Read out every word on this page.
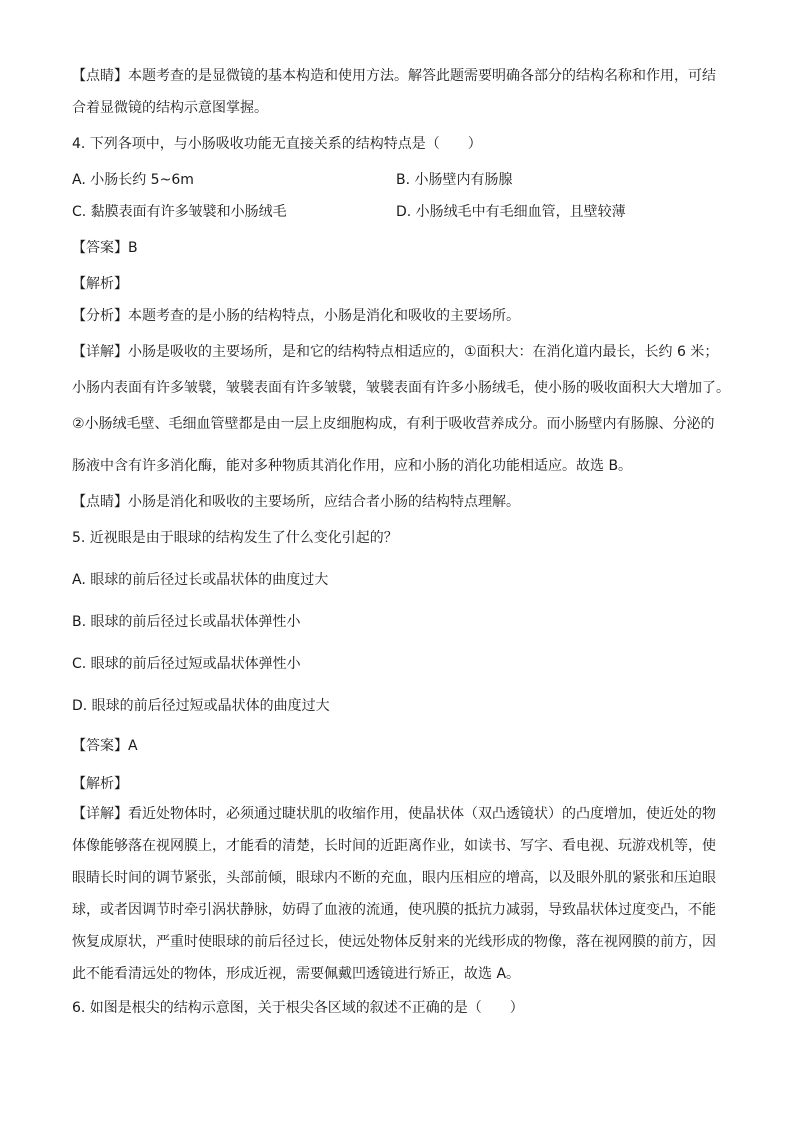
【点睛】本题考查的是显微镜的基本构造和使用方法。解答此题需要明确各部分的结构名称和作用，可结
合着显微镜的结构示意图掌握。
4. 下列各项中，与小肠吸收功能无直接关系的结构特点是（　　）
A. 小肠长约 5~6m	B. 小肠壁内有肠腺
C. 黏膜表面有许多皱襞和小肠绒毛	D. 小肠绒毛中有毛细血管，且壁较薄
【答案】B
【解析】
【分析】本题考查的是小肠的结构特点，小肠是消化和吸收的主要场所。
【详解】小肠是吸收的主要场所，是和它的结构特点相适应的，①面积大：在消化道内最长，长约 6 米；
小肠内表面有许多皱襞，皱襞表面有许多皱襞，皱襞表面有许多小肠绒毛，使小肠的吸收面积大大增加了。
②小肠绒毛壁、毛细血管壁都是由一层上皮细胞构成，有利于吸收营养成分。而小肠壁内有肠腺、分泌的
肠液中含有许多消化酶，能对多种物质其消化作用，应和小肠的消化功能相适应。故选 B。
【点睛】小肠是消化和吸收的主要场所，应结合者小肠的结构特点理解。
5. 近视眼是由于眼球的结构发生了什么变化引起的？
A. 眼球的前后径过长或晶状体的曲度过大
B. 眼球的前后径过长或晶状体弹性小
C. 眼球的前后径过短或晶状体弹性小
D. 眼球的前后径过短或晶状体的曲度过大
【答案】A
【解析】
【详解】看近处物体时，必须通过睫状肌的收缩作用，使晶状体（双凸透镜状）的凸度增加，使近处的物
体像能够落在视网膜上，才能看的清楚，长时间的近距离作业，如读书、写字、看电视、玩游戏机等，使
眼睛长时间的调节紧张，头部前倾，眼球内不断的充血，眼内压相应的增高，以及眼外肌的紧张和压迫眼
球，或者因调节时牵引涡状静脉，妨碍了血液的流通，使巩膜的抵抗力减弱，导致晶状体过度变凸，不能
恢复成原状，严重时使眼球的前后径过长，使远处物体反射来的光线形成的物像，落在视网膜的前方，因
此不能看清远处的物体，形成近视，需要佩戴凹透镜进行矫正，故选 A。
6. 如图是根尖的结构示意图，关于根尖各区域的叙述不正确的是（　　）
